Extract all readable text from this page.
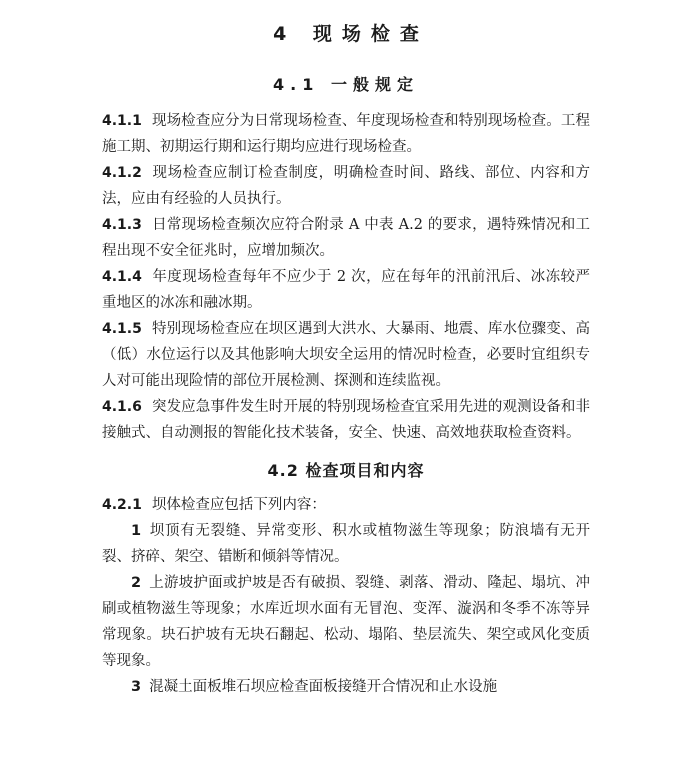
4 现场检查
4.1 一般规定
4.1.1 现场检查应分为日常现场检查、年度现场检查和特别现场检查。工程施工期、初期运行期和运行期均应进行现场检查。
4.1.2 现场检查应制订检查制度，明确检查时间、路线、部位、内容和方法，应由有经验的人员执行。
4.1.3 日常现场检查频次应符合附录 A 中表 A.2 的要求，遇特殊情况和工程出现不安全征兆时，应增加频次。
4.1.4 年度现场检查每年不应少于 2 次，应在每年的汛前汛后、冰冻较严重地区的冰冻和融冰期。
4.1.5 特别现场检查应在坝区遇到大洪水、大暴雨、地震、库水位骤变、高（低）水位运行以及其他影响大坝安全运用的情况时检查，必要时宜组织专人对可能出现险情的部位开展检测、探测和连续监视。
4.1.6 突发应急事件发生时开展的特别现场检查宜采用先进的观测设备和非接触式、自动测报的智能化技术装备，安全、快速、高效地获取检查资料。
4.2 检查项目和内容
4.2.1 坝体检查应包括下列内容：
1 坝顶有无裂缝、异常变形、积水或植物滋生等现象；防浪墙有无开裂、挤碎、架空、错断和倾斜等情况。
2 上游坡护面或护坡是否有破损、裂缝、剥落、滑动、隆起、塌坑、冲刷或植物滋生等现象；水库近坝水面有无冒泡、变浑、漩涡和冬季不冻等异常现象。块石护坡有无块石翻起、松动、塌陷、垫层流失、架空或风化变质等现象。
3 混凝土面板堆石坝应检查面板接缝开合情况和止水设施
